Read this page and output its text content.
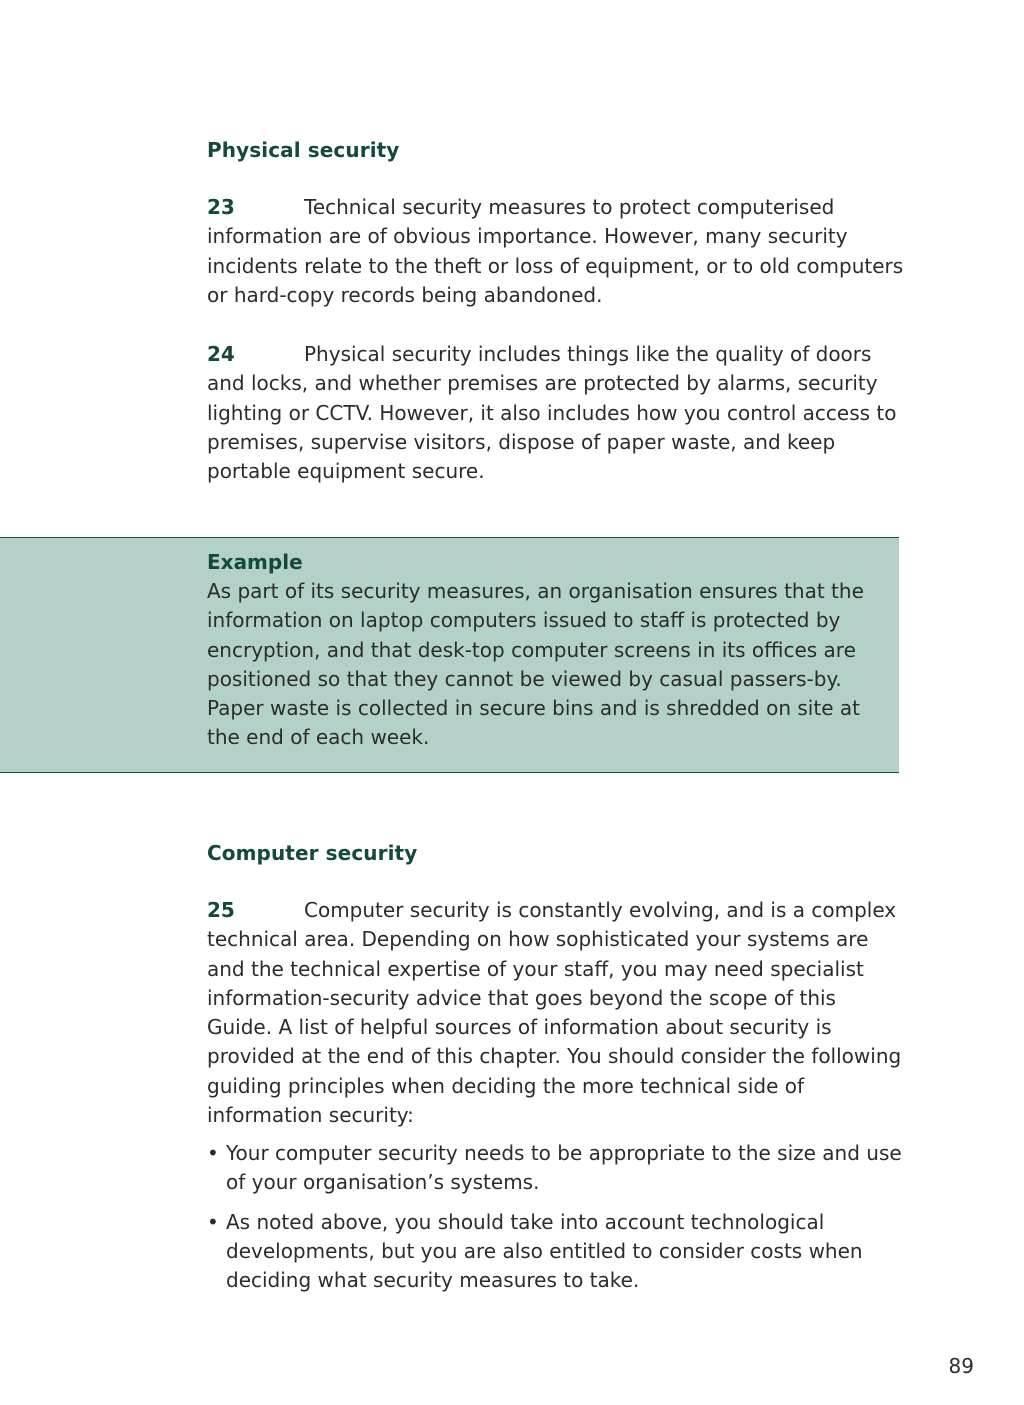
Physical security

23	Technical security measures to protect computerised information are of obvious importance. However, many security incidents relate to the theft or loss of equipment, or to old computers or hard-copy records being abandoned.

24	Physical security includes things like the quality of doors and locks, and whether premises are protected by alarms, security lighting or CCTV. However, it also includes how you control access to premises, supervise visitors, dispose of paper waste, and keep portable equipment secure.

Example

As part of its security measures, an organisation ensures that the information on laptop computers issued to staff is protected by encryption, and that desk-top computer screens in its offices are positioned so that they cannot be viewed by casual passers-by. Paper waste is collected in secure bins and is shredded on site at the end of each week.

Computer security

25	Computer security is constantly evolving, and is a complex technical area. Depending on how sophisticated your systems are and the technical expertise of your staff, you may need specialist information-security advice that goes beyond the scope of this Guide. A list of helpful sources of information about security is provided at the end of this chapter. You should consider the following guiding principles when deciding the more technical side of information security:

• Your computer security needs to be appropriate to the size and use of your organisation’s systems.
• As noted above, you should take into account technological developments, but you are also entitled to consider costs when deciding what security measures to take.

89
